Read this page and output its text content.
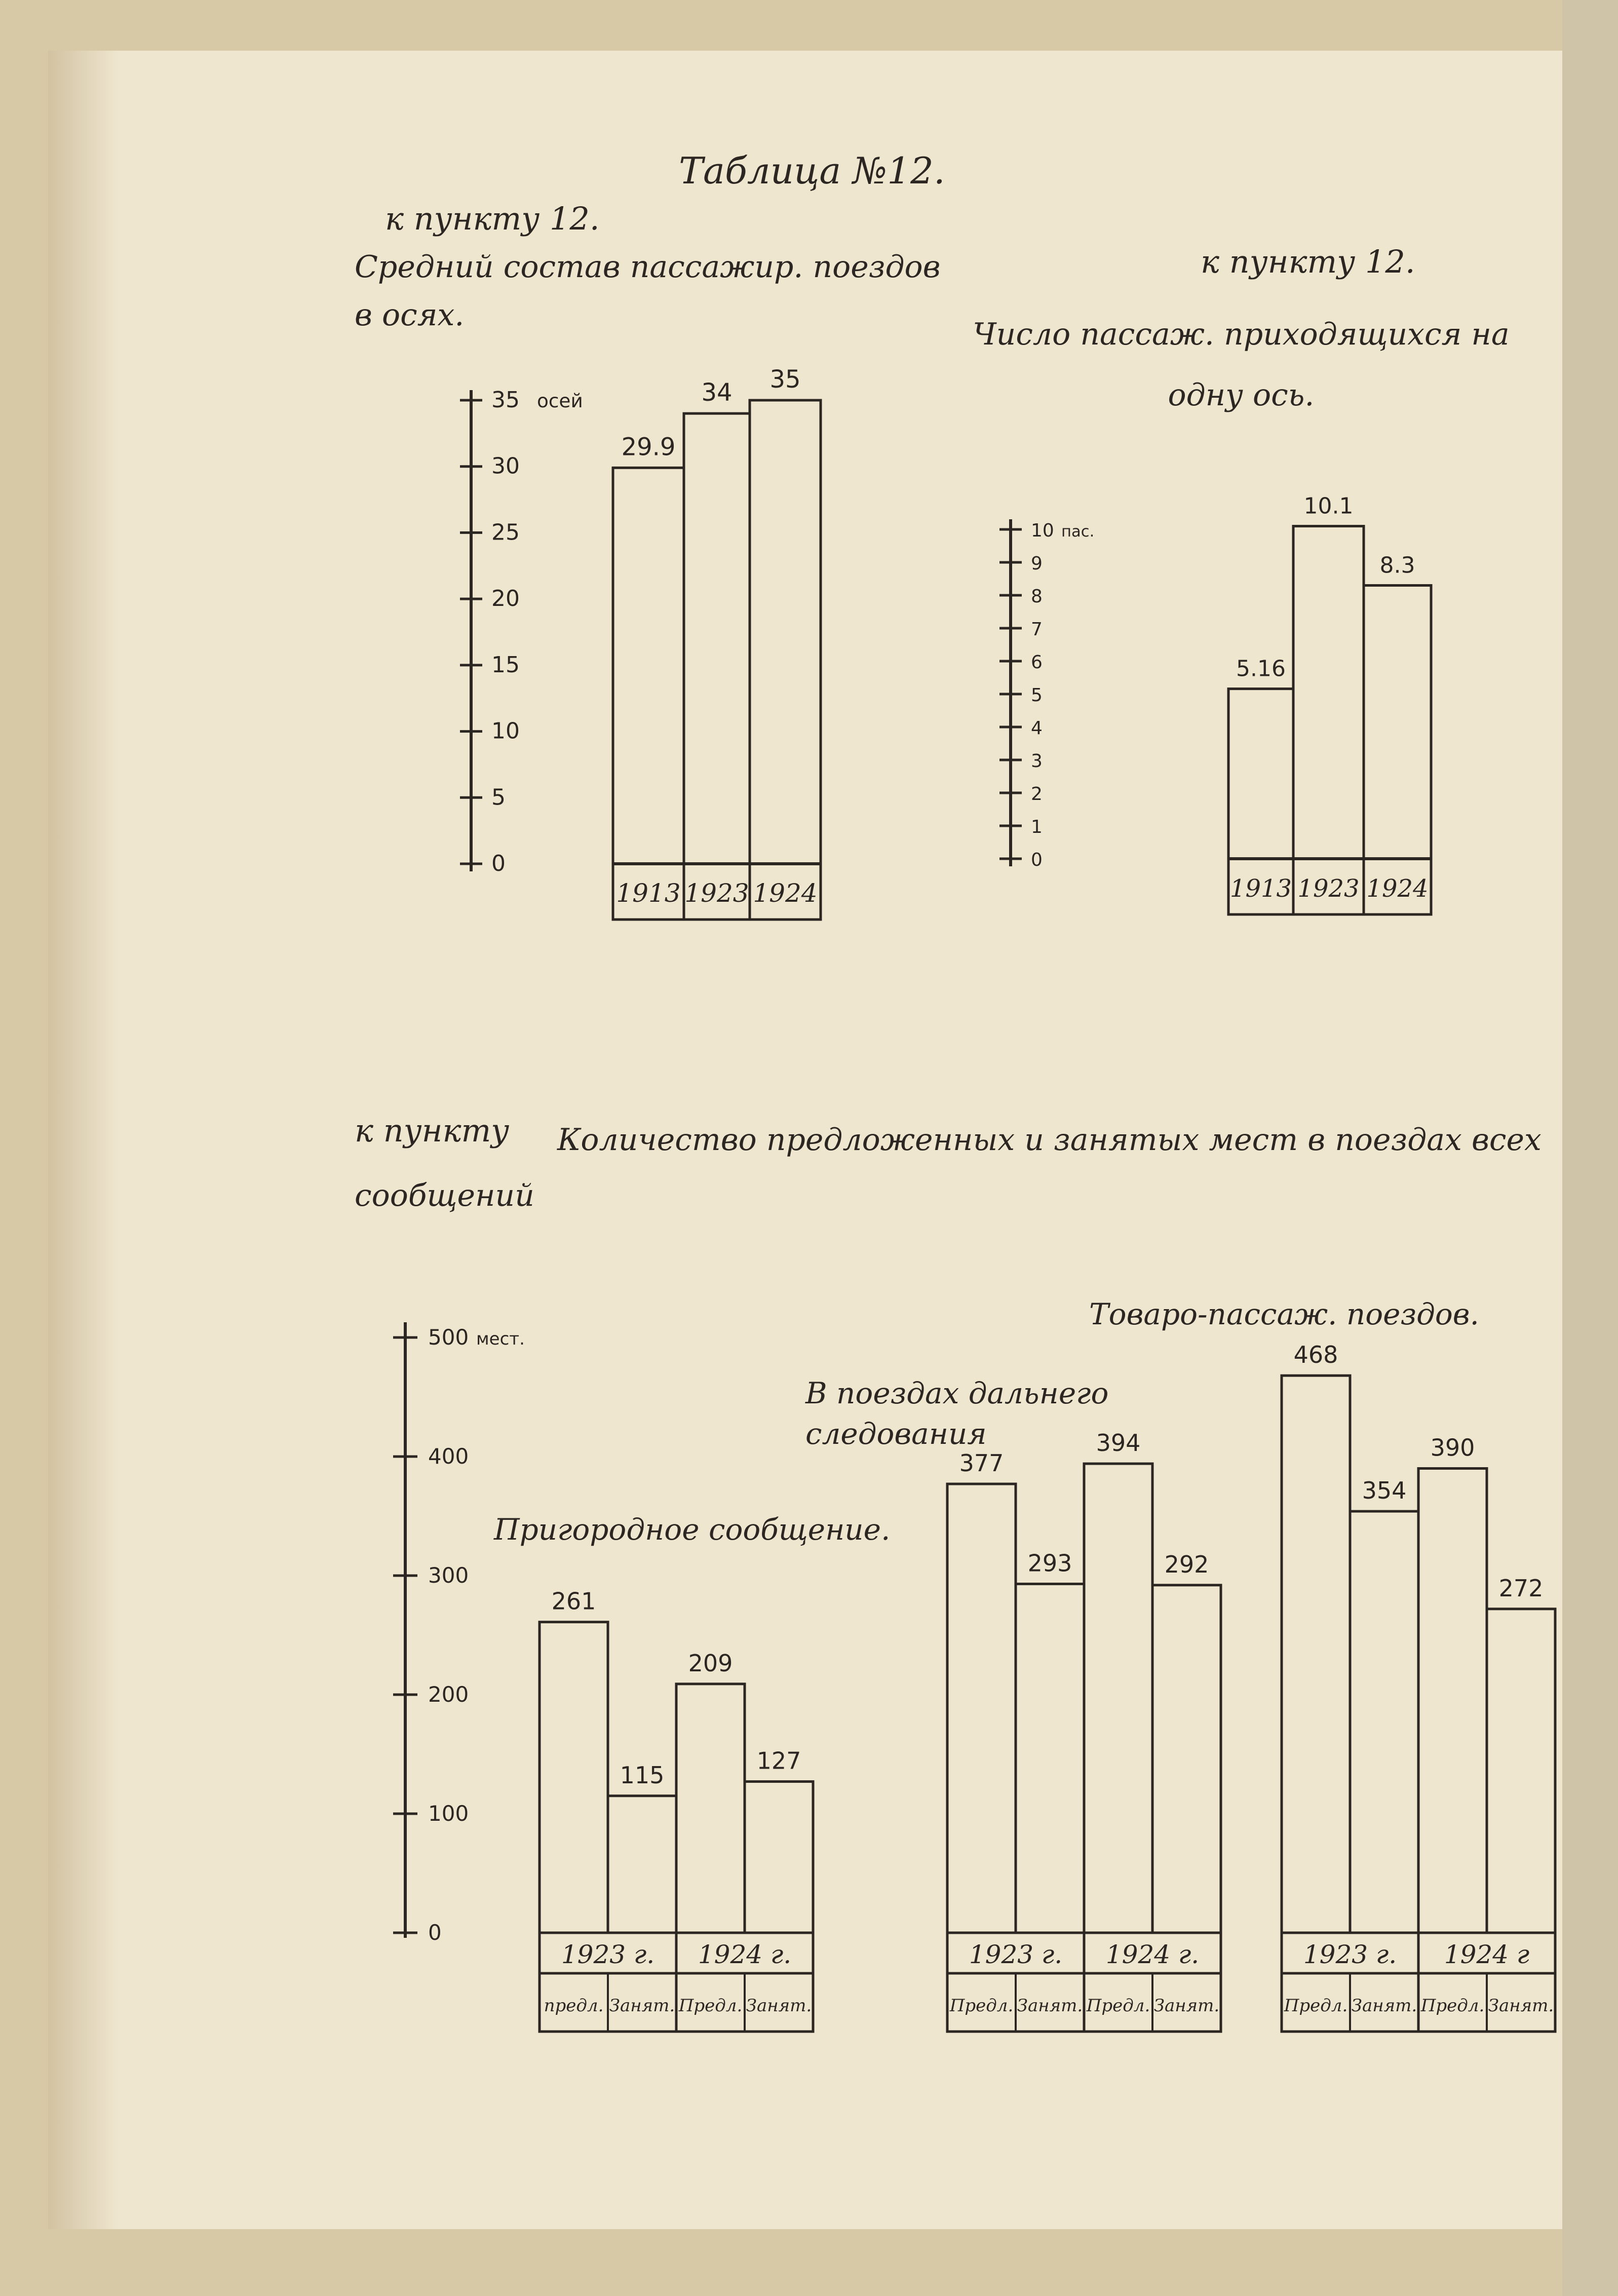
Таблица №12.
к пункту 12.
Средний состав пассажир. поездов в осях.
к пункту 12.
Число пассаж. приходящихся на одну ось.
к пункту	Количество предложенных и занятых мест в поездах всех сообщений
Пригородное сообщение.
В поездах дальнего следования
Товаро-пассаж. поездов.
0
5
10
15
20
25
30
35 осей
29.9
34 35
1913 1923 1924
0
1
2
3
4
5
6
7
8
9
10 пас.
5.16
10.1
8.3
1913 1923 1924
0
100
200
300
400
500 мест.
261
115
209
127
1923 г. 1924 г.
предл. Занят. Предл. Занят.
377
293
394
292
1923 г. 1924 г.
Предл. Занят. Предл. Занят.
468
354
390
272
1923 г. 1924 г
Предл. Занят. Предл. Занят.
